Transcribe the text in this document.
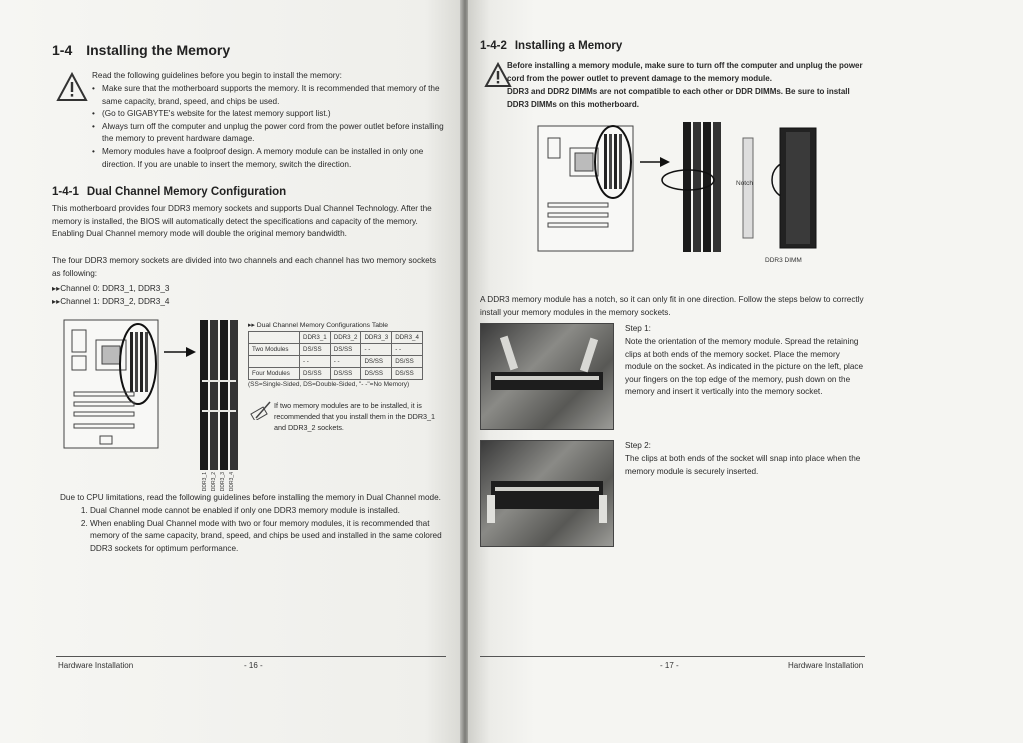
1-4 Installing the Memory
Read the following guidelines before you begin to install the memory:
• Make sure that the motherboard supports the memory. It is recommended that memory of the same capacity, brand, speed, and chips be used.
• (Go to GIGABYTE's website for the latest memory support list.)
• Always turn off the computer and unplug the power cord from the power outlet before installing the memory to prevent hardware damage.
• Memory modules have a foolproof design. A memory module can be installed in only one direction. If you are unable to insert the memory, switch the direction.
1-4-1 Dual Channel Memory Configuration
This motherboard provides four DDR3 memory sockets and supports Dual Channel Technology. After the memory is installed, the BIOS will automatically detect the specifications and capacity of the memory. Enabling Dual Channel memory mode will double the original memory bandwidth.
The four DDR3 memory sockets are divided into two channels and each channel has two memory sockets as following:
▸▸Channel 0: DDR3_1, DDR3_3
▸▸Channel 1: DDR3_2, DDR3_4
DDR3_1 DDR3_2 DDR3_3 DDR3_4
▸▸ Dual Channel Memory Configurations Table
	DDR3_1	DDR3_2	DDR3_3	DDR3_4
Two Modules	DS/SS	DS/SS	- -	- -
	- -	- -	DS/SS	DS/SS
Four Modules	DS/SS	DS/SS	DS/SS	DS/SS
(SS=Single-Sided, DS=Double-Sided, "- -"=No Memory)
If two memory modules are to be installed, it is recommended that you install them in the DDR3_1 and DDR3_2 sockets.
Due to CPU limitations, read the following guidelines before installing the memory in Dual Channel mode.
1. Dual Channel mode cannot be enabled if only one DDR3 memory module is installed.
2. When enabling Dual Channel mode with two or four memory modules, it is recommended that memory of the same capacity, brand, speed, and chips be used and installed in the same colored DDR3 sockets for optimum performance.
Hardware Installation	- 16 -
1-4-2 Installing a Memory
Before installing a memory module, make sure to turn off the computer and unplug the power cord from the power outlet to prevent damage to the memory module.
DDR3 and DDR2 DIMMs are not compatible to each other or DDR DIMMs. Be sure to install DDR3 DIMMs on this motherboard.
Notch
DDR3 DIMM
A DDR3 memory module has a notch, so it can only fit in one direction. Follow the steps below to correctly install your memory modules in the memory sockets.
Step 1:
Note the orientation of the memory module. Spread the retaining clips at both ends of the memory socket. Place the memory module on the socket. As indicated in the picture on the left, place your fingers on the top edge of the memory, push down on the memory and insert it vertically into the memory socket.
Step 2:
The clips at both ends of the socket will snap into place when the memory module is securely inserted.
- 17 -	Hardware Installation
